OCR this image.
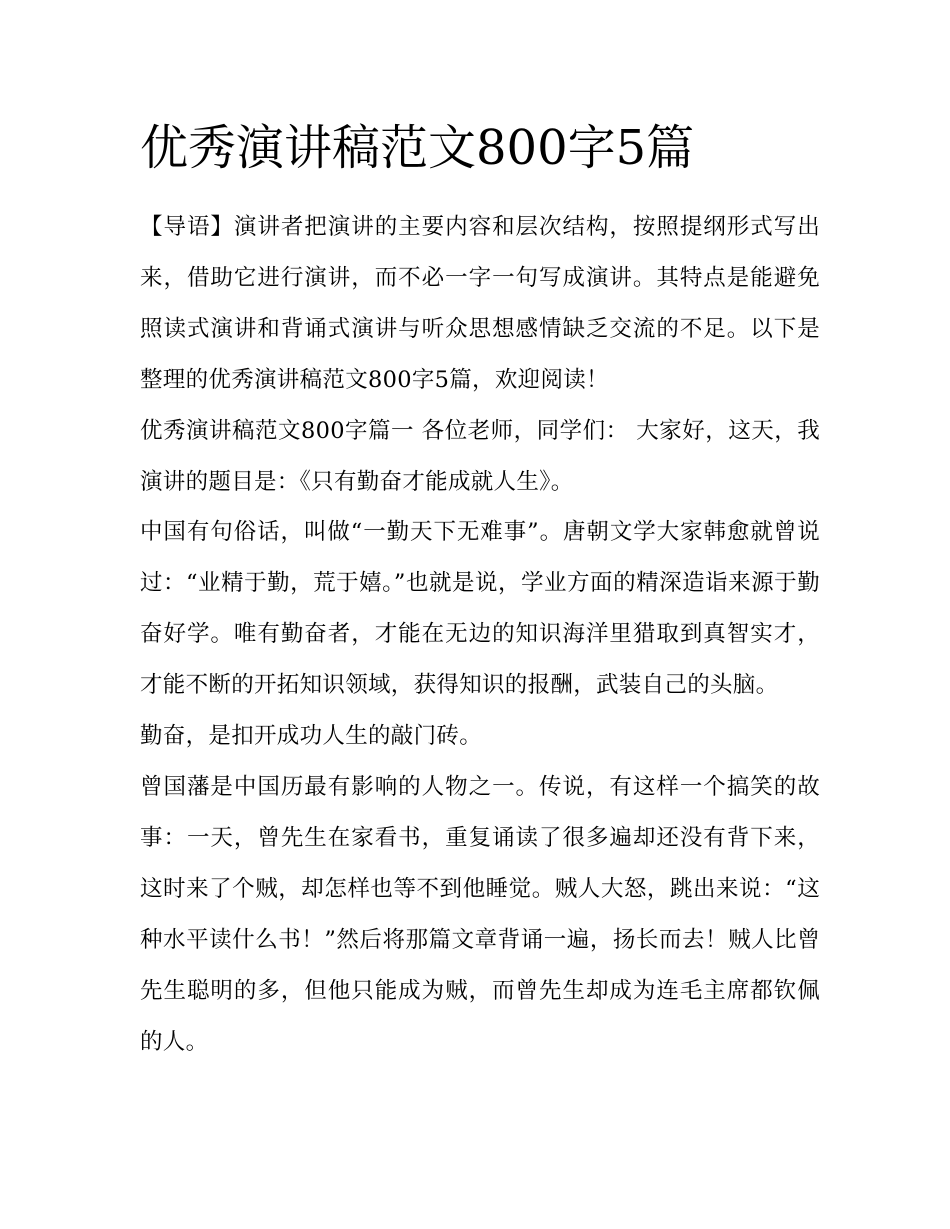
优秀演讲稿范文800字5篇

【导语】演讲者把演讲的主要内容和层次结构，按照提纲形式写出来，借助它进行演讲，而不必一字一句写成演讲。其特点是能避免照读式演讲和背诵式演讲与听众思想感情缺乏交流的不足。以下是整理的优秀演讲稿范文800字5篇，欢迎阅读！

优秀演讲稿范文800字篇一 各位老师，同学们： 大家好，这天，我演讲的题目是：《只有勤奋才能成就人生》。

中国有句俗话，叫做“一勤天下无难事”。唐朝文学大家韩愈就曾说过：“业精于勤，荒于嬉。”也就是说，学业方面的精深造诣来源于勤奋好学。唯有勤奋者，才能在无边的知识海洋里猎取到真智实才，才能不断的开拓知识领域，获得知识的报酬，武装自己的头脑。

勤奋，是扣开成功人生的敲门砖。

曾国藩是中国历最有影响的人物之一。传说，有这样一个搞笑的故事：一天，曾先生在家看书，重复诵读了很多遍却还没有背下来，这时来了个贼，却怎样也等不到他睡觉。贼人大怒，跳出来说：“这种水平读什么书！”然后将那篇文章背诵一遍，扬长而去！贼人比曾先生聪明的多，但他只能成为贼，而曾先生却成为连毛主席都钦佩的人。
